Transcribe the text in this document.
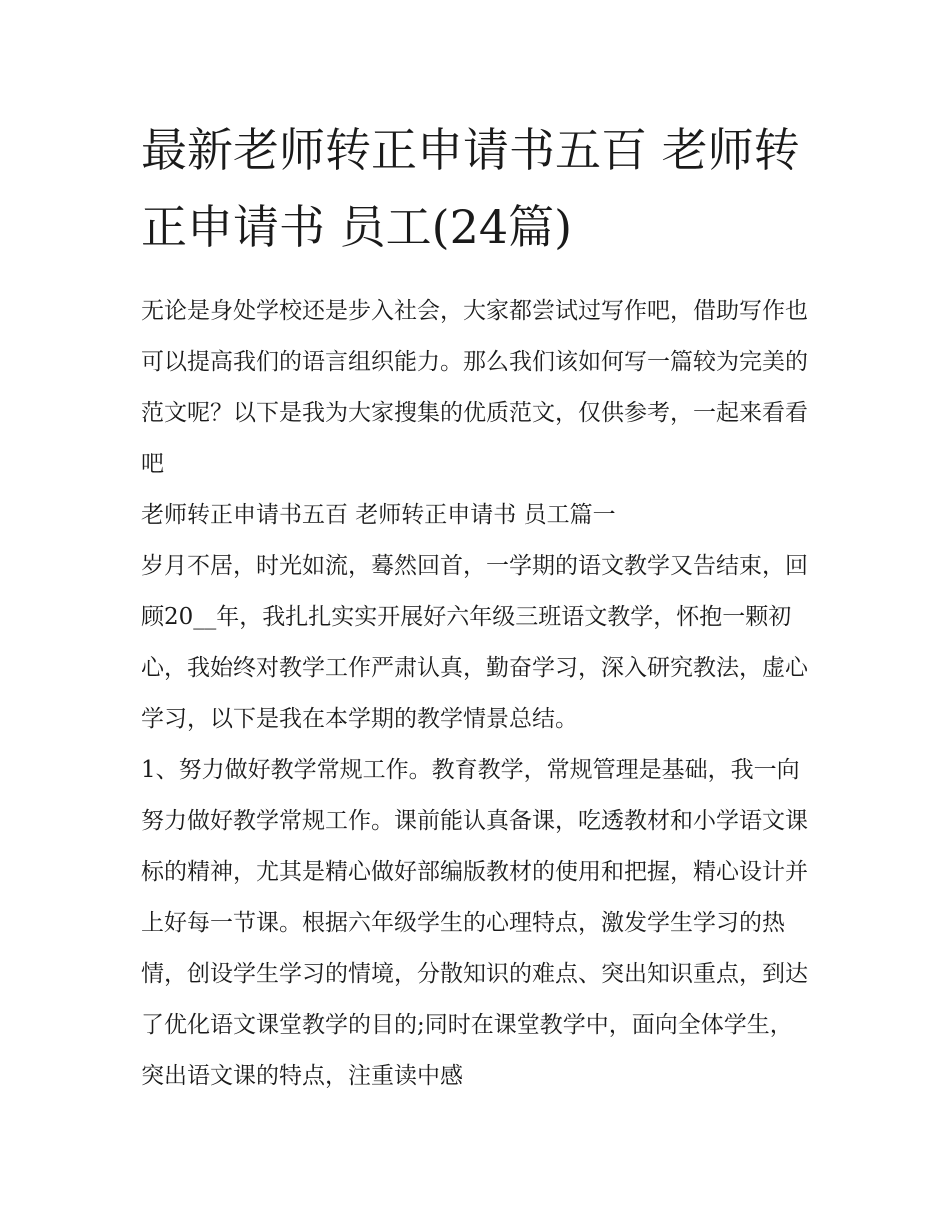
最新老师转正申请书五百 老师转正申请书 员工(24篇)

无论是身处学校还是步入社会，大家都尝试过写作吧，借助写作也可以提高我们的语言组织能力。那么我们该如何写一篇较为完美的范文呢？以下是我为大家搜集的优质范文，仅供参考，一起来看看吧

老师转正申请书五百 老师转正申请书 员工篇一

岁月不居，时光如流，蓦然回首，一学期的语文教学又告结束，回顾20__年，我扎扎实实开展好六年级三班语文教学，怀抱一颗初心，我始终对教学工作严肃认真，勤奋学习，深入研究教法，虚心学习，以下是我在本学期的教学情景总结。

1、努力做好教学常规工作。教育教学，常规管理是基础，我一向努力做好教学常规工作。课前能认真备课，吃透教材和小学语文课标的精神，尤其是精心做好部编版教材的使用和把握，精心设计并上好每一节课。根据六年级学生的心理特点，激发学生学习的热情，创设学生学习的情境，分散知识的难点、突出知识重点，到达了优化语文课堂教学的目的;同时在课堂教学中，面向全体学生，突出语文课的特点，注重读中感
